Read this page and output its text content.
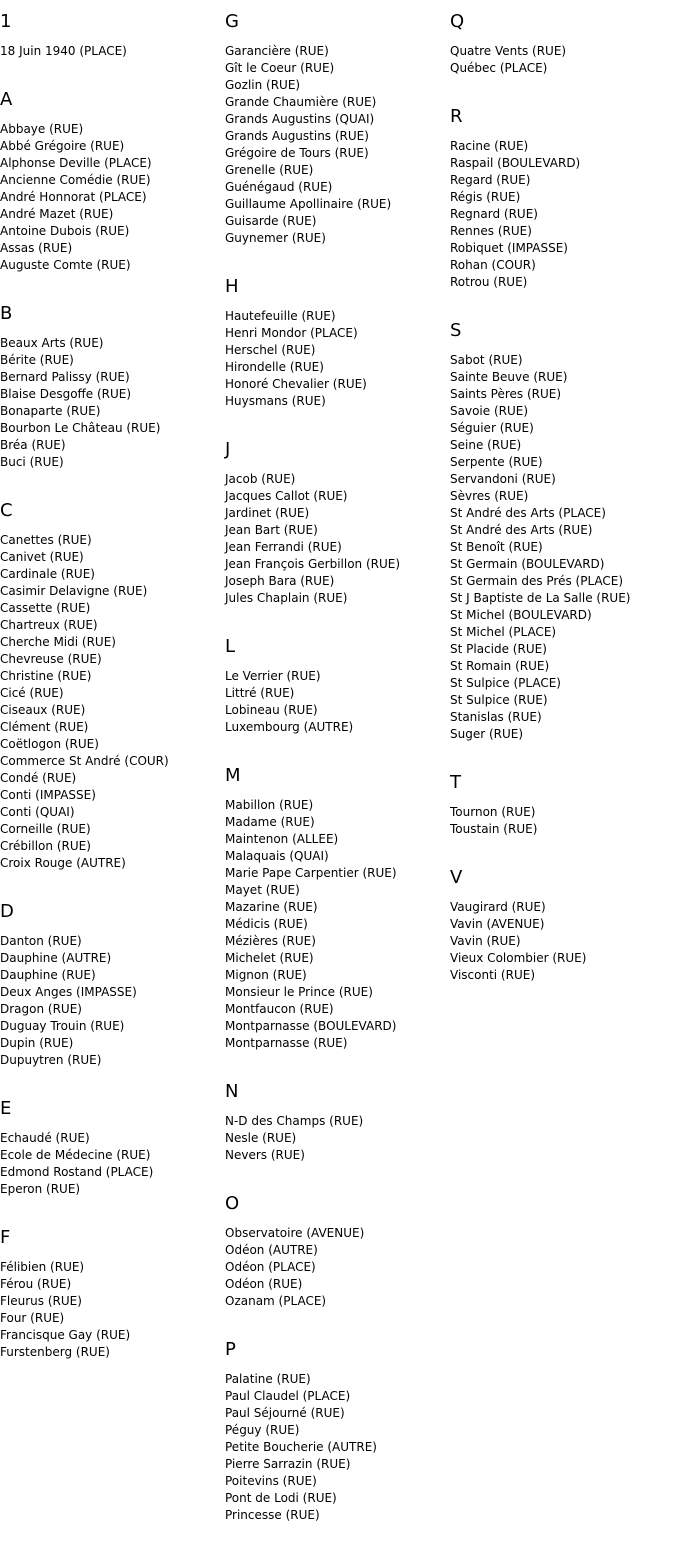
1
18 Juin 1940 (PLACE)
A
Abbaye (RUE)
Abbé Grégoire (RUE)
Alphonse Deville (PLACE)
Ancienne Comédie (RUE)
André Honnorat (PLACE)
André Mazet (RUE)
Antoine Dubois (RUE)
Assas (RUE)
Auguste Comte (RUE)
B
Beaux Arts (RUE)
Bérite (RUE)
Bernard Palissy (RUE)
Blaise Desgoffe (RUE)
Bonaparte (RUE)
Bourbon Le Château (RUE)
Bréa (RUE)
Buci (RUE)
C
Canettes (RUE)
Canivet (RUE)
Cardinale (RUE)
Casimir Delavigne (RUE)
Cassette (RUE)
Chartreux (RUE)
Cherche Midi (RUE)
Chevreuse (RUE)
Christine (RUE)
Cicé (RUE)
Ciseaux (RUE)
Clément (RUE)
Coëtlogon (RUE)
Commerce St André (COUR)
Condé (RUE)
Conti (IMPASSE)
Conti (QUAI)
Corneille (RUE)
Crébillon (RUE)
Croix Rouge (AUTRE)
D
Danton (RUE)
Dauphine (AUTRE)
Dauphine (RUE)
Deux Anges (IMPASSE)
Dragon (RUE)
Duguay Trouin (RUE)
Dupin (RUE)
Dupuytren (RUE)
E
Echaudé (RUE)
Ecole de Médecine (RUE)
Edmond Rostand (PLACE)
Eperon (RUE)
F
Félibien (RUE)
Férou (RUE)
Fleurus (RUE)
Four (RUE)
Francisque Gay (RUE)
Furstenberg (RUE)
G
Garancière (RUE)
Gît le Coeur (RUE)
Gozlin (RUE)
Grande Chaumière (RUE)
Grands Augustins (QUAI)
Grands Augustins (RUE)
Grégoire de Tours (RUE)
Grenelle (RUE)
Guénégaud (RUE)
Guillaume Apollinaire (RUE)
Guisarde (RUE)
Guynemer (RUE)
H
Hautefeuille (RUE)
Henri Mondor (PLACE)
Herschel (RUE)
Hirondelle (RUE)
Honoré Chevalier (RUE)
Huysmans (RUE)
J
Jacob (RUE)
Jacques Callot (RUE)
Jardinet (RUE)
Jean Bart (RUE)
Jean Ferrandi (RUE)
Jean François Gerbillon (RUE)
Joseph Bara (RUE)
Jules Chaplain (RUE)
L
Le Verrier (RUE)
Littré (RUE)
Lobineau (RUE)
Luxembourg (AUTRE)
M
Mabillon (RUE)
Madame (RUE)
Maintenon (ALLEE)
Malaquais (QUAI)
Marie Pape Carpentier (RUE)
Mayet (RUE)
Mazarine (RUE)
Médicis (RUE)
Mézières (RUE)
Michelet (RUE)
Mignon (RUE)
Monsieur le Prince (RUE)
Montfaucon (RUE)
Montparnasse (BOULEVARD)
Montparnasse (RUE)
N
N-D des Champs (RUE)
Nesle (RUE)
Nevers (RUE)
O
Observatoire (AVENUE)
Odéon (AUTRE)
Odéon (PLACE)
Odéon (RUE)
Ozanam (PLACE)
P
Palatine (RUE)
Paul Claudel (PLACE)
Paul Séjourné (RUE)
Péguy (RUE)
Petite Boucherie (AUTRE)
Pierre Sarrazin (RUE)
Poitevins (RUE)
Pont de Lodi (RUE)
Princesse (RUE)
Q
Quatre Vents (RUE)
Québec (PLACE)
R
Racine (RUE)
Raspail (BOULEVARD)
Regard (RUE)
Régis (RUE)
Regnard (RUE)
Rennes (RUE)
Robiquet (IMPASSE)
Rohan (COUR)
Rotrou (RUE)
S
Sabot (RUE)
Sainte Beuve (RUE)
Saints Pères (RUE)
Savoie (RUE)
Séguier (RUE)
Seine (RUE)
Serpente (RUE)
Servandoni (RUE)
Sèvres (RUE)
St André des Arts (PLACE)
St André des Arts (RUE)
St Benoît (RUE)
St Germain (BOULEVARD)
St Germain des Prés (PLACE)
St J Baptiste de La Salle (RUE)
St Michel (BOULEVARD)
St Michel (PLACE)
St Placide (RUE)
St Romain (RUE)
St Sulpice (PLACE)
St Sulpice (RUE)
Stanislas (RUE)
Suger (RUE)
T
Tournon (RUE)
Toustain (RUE)
V
Vaugirard (RUE)
Vavin (AVENUE)
Vavin (RUE)
Vieux Colombier (RUE)
Visconti (RUE)
